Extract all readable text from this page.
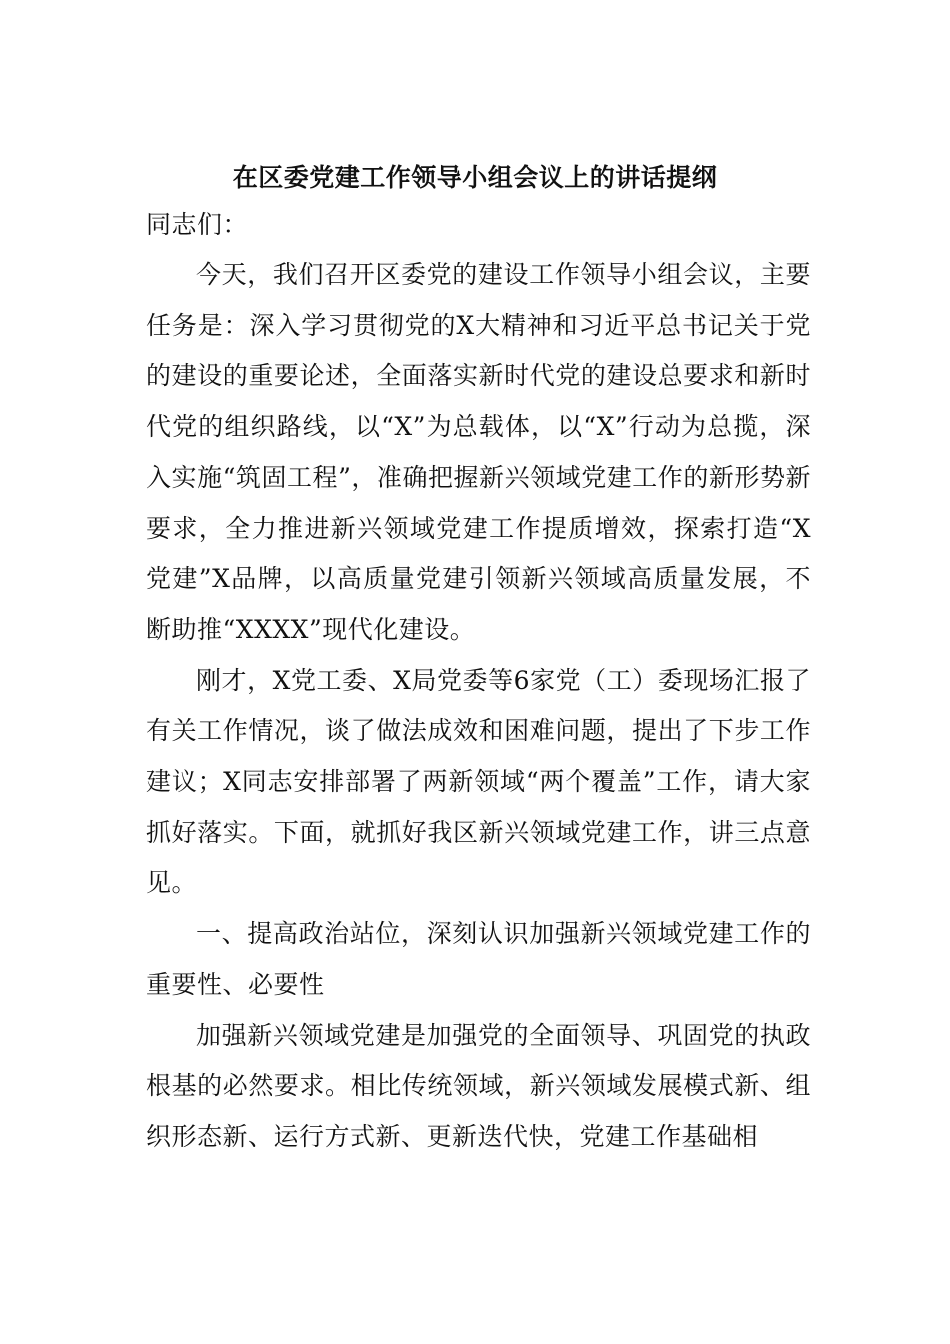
在区委党建工作领导小组会议上的讲话提纲

同志们：

今天，我们召开区委党的建设工作领导小组会议，主要任务是：深入学习贯彻党的X大精神和习近平总书记关于党的建设的重要论述，全面落实新时代党的建设总要求和新时代党的组织路线，以“X”为总载体，以“X”行动为总揽，深入实施“筑固工程”，准确把握新兴领域党建工作的新形势新要求，全力推进新兴领域党建工作提质增效，探索打造“X党建”X品牌，以高质量党建引领新兴领域高质量发展，不断助推“XXXX”现代化建设。

刚才，X党工委、X局党委等6家党（工）委现场汇报了有关工作情况，谈了做法成效和困难问题，提出了下步工作建议；X同志安排部署了两新领域“两个覆盖”工作，请大家抓好落实。下面，就抓好我区新兴领域党建工作，讲三点意见。

一、提高政治站位，深刻认识加强新兴领域党建工作的重要性、必要性

加强新兴领域党建是加强党的全面领导、巩固党的执政根基的必然要求。相比传统领域，新兴领域发展模式新、组织形态新、运行方式新、更新迭代快，党建工作基础相
